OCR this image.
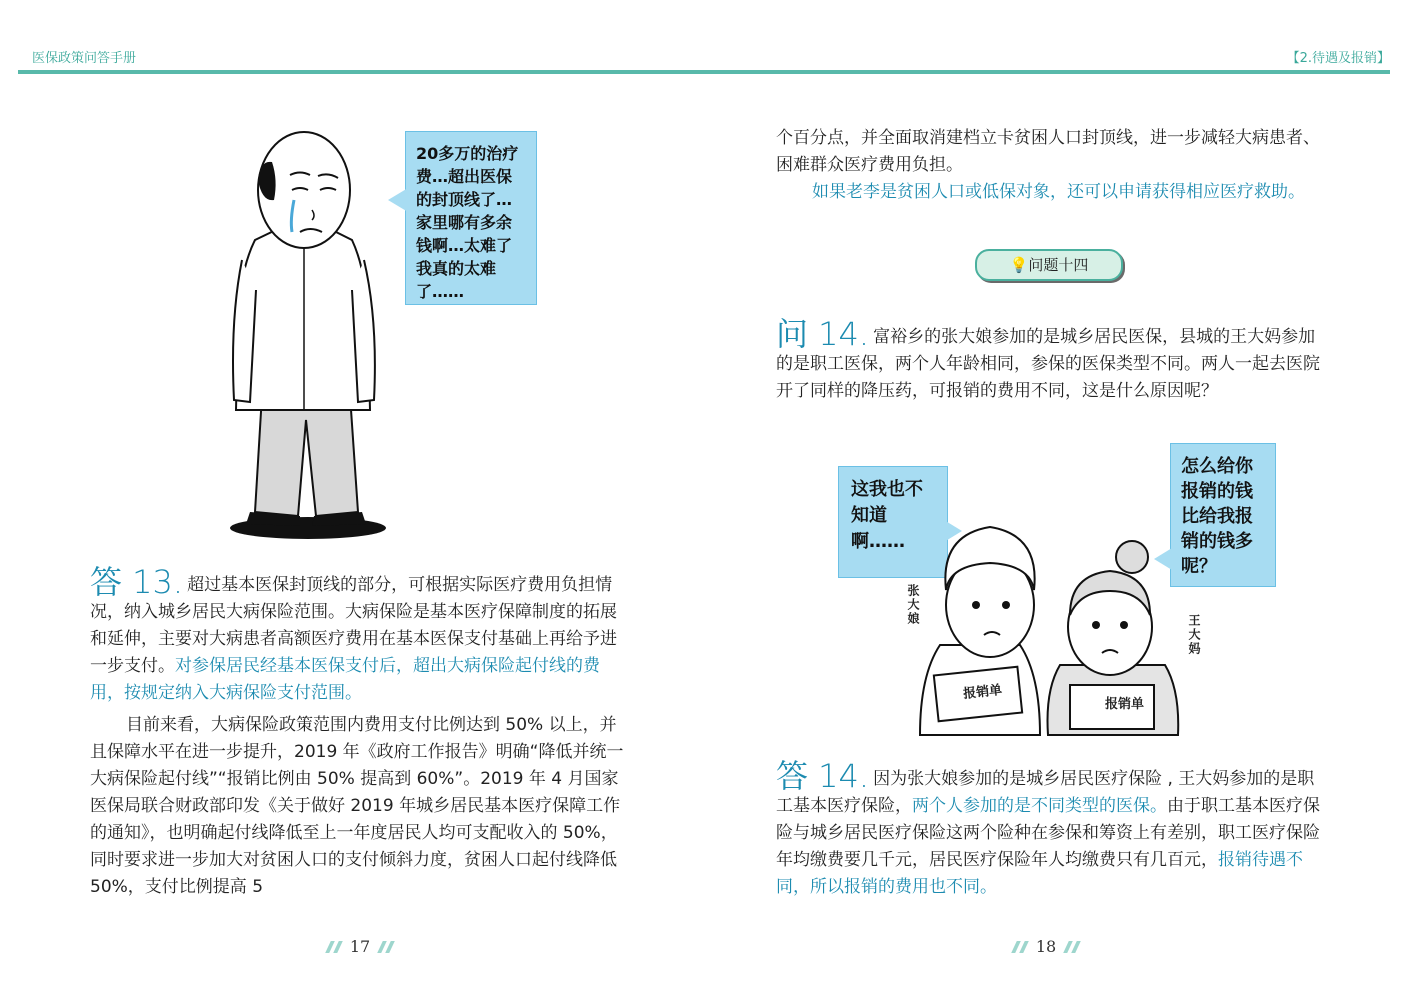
医保政策问答手册	【2.待遇及报销】
20多万的治疗费…超出医保的封顶线了…家里哪有多余钱啊…太难了我真的太难了……

答 13. 超过基本医保封顶线的部分，可根据实际医疗费用负担情况，纳入城乡居民大病保险范围。大病保险是基本医疗保障制度的拓展和延伸，主要对大病患者高额医疗费用在基本医保支付基础上再给予进一步支付。对参保居民经基本医保支付后，超出大病保险起付线的费用，按规定纳入大病保险支付范围。

目前来看，大病保险政策范围内费用支付比例达到 50% 以上，并且保障水平在进一步提升，2019 年《政府工作报告》明确“降低并统一大病保险起付线”“报销比例由 50% 提高到 60%”。2019 年 4 月国家医保局联合财政部印发《关于做好 2019 年城乡居民基本医疗保障工作的通知》，也明确起付线降低至上一年度居民人均可支配收入的 50%，同时要求进一步加大对贫困人口的支付倾斜力度，贫困人口起付线降低 50%，支付比例提高 5

17

个百分点，并全面取消建档立卡贫困人口封顶线，进一步减轻大病患者、困难群众医疗费用负担。

如果老李是贫困人口或低保对象，还可以申请获得相应医疗救助。

💡问题十四

问 14. 富裕乡的张大娘参加的是城乡居民医保，县城的王大妈参加的是职工医保，两个人年龄相同，参保的医保类型不同。两人一起去医院开了同样的降压药，可报销的费用不同，这是什么原因呢？

这我也不知道啊……
怎么给你报销的钱比给我报销的钱多呢？
报销单
报销单
张大娘
王大妈

答 14. 因为张大娘参加的是城乡居民医疗保险 , 王大妈参加的是职工基本医疗保险，两个人参加的是不同类型的医保。由于职工基本医疗保险与城乡居民医疗保险这两个险种在参保和筹资上有差别，职工医疗保险年均缴费要几千元，居民医疗保险年人均缴费只有几百元，报销待遇不同，所以报销的费用也不同。

18
